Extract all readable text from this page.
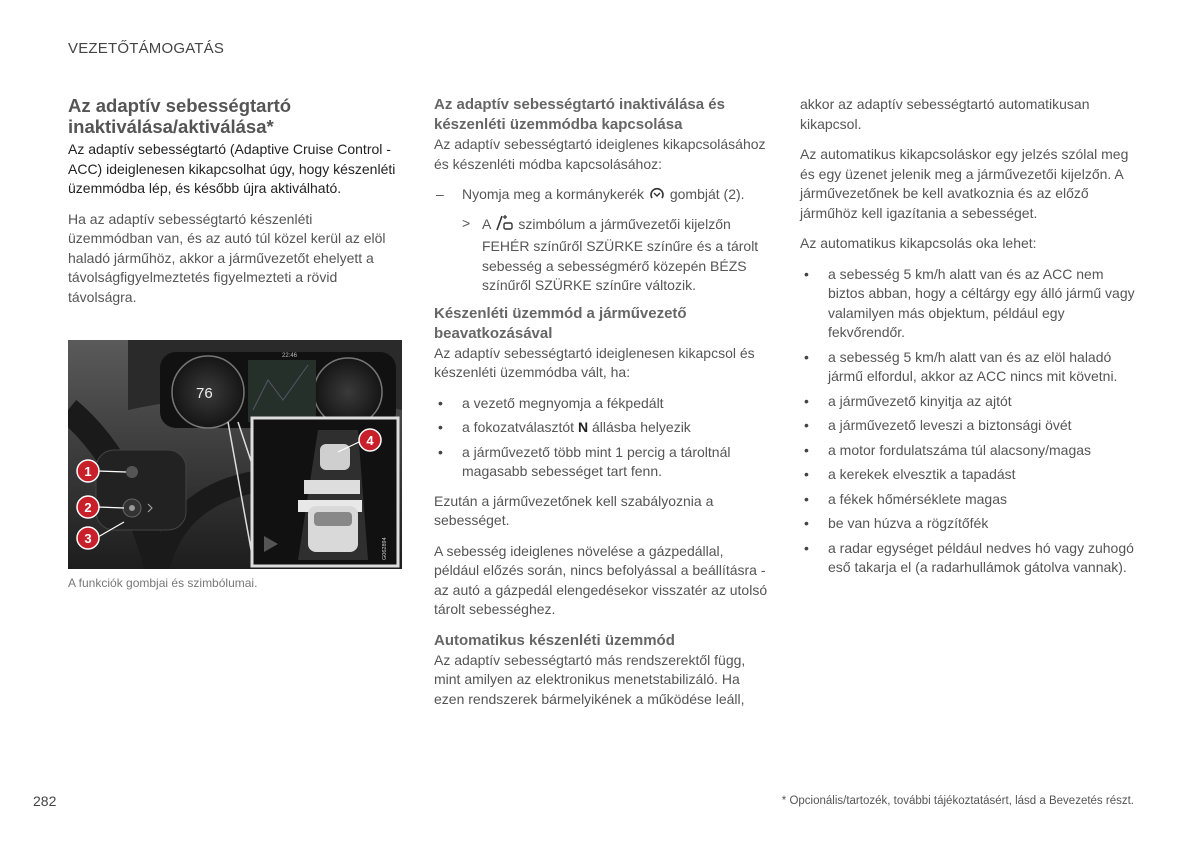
VEZETŐTÁMOGATÁS
Az adaptív sebességtartó inaktiválása/aktiválása*

Az adaptív sebességtartó (Adaptive Cruise Control - ACC) ideiglenesen kikapcsolhat úgy, hogy készenléti üzemmódba lép, és később újra aktiválható.

Ha az adaptív sebességtartó készenléti üzemmódban van, és az autó túl közel kerül az elöl haladó járműhöz, akkor a járművezetőt ehelyett a távolságfigyelmeztetés figyelmezteti a rövid távolságra.

22:46
76
G062894
1
2
3
4
A funkciók gombjai és szimbólumai.
Az adaptív sebességtartó inaktiválása és készenléti üzemmódba kapcsolása

Az adaptív sebességtartó ideiglenes kikapcsolásához és készenléti módba kapcsolásához:

– Nyomja meg a kormánykerék gombját (2).
> A szimbólum a járművezetői kijelzőn FEHÉR színűről SZÜRKE színűre és a tárolt sebesség a sebességmérő közepén BÉZS színűről SZÜRKE színűre változik.
Készenléti üzemmód a járművezető beavatkozásával

Az adaptív sebességtartó ideiglenesen kikapcsol és készenléti üzemmódba vált, ha:

• a vezető megnyomja a fékpedált
• a fokozatválasztót N állásba helyezik
• a járművezető több mint 1 percig a tároltnál magasabb sebességet tart fenn.

Ezután a járművezetőnek kell szabályoznia a sebességet.

A sebesség ideiglenes növelése a gázpedállal, például előzés során, nincs befolyással a beállításra - az autó a gázpedál elengedésekor visszatér az utolsó tárolt sebességhez.

Automatikus készenléti üzemmód

Az adaptív sebességtartó más rendszerektől függ, mint amilyen az elektronikus menetstabilizáló. Ha ezen rendszerek bármelyikének a működése leáll,

akkor az adaptív sebességtartó automatikusan kikapcsol.

Az automatikus kikapcsoláskor egy jelzés szólal meg és egy üzenet jelenik meg a járművezetői kijelzőn. A járművezetőnek be kell avatkoznia és az előző járműhöz kell igazítania a sebességet.

Az automatikus kikapcsolás oka lehet:

• a sebesség 5 km/h alatt van és az ACC nem biztos abban, hogy a céltárgy egy álló jármű vagy valamilyen más objektum, például egy fekvőrendőr.
• a sebesség 5 km/h alatt van és az elöl haladó jármű elfordul, akkor az ACC nincs mit követni.
• a járművezető kinyitja az ajtót
• a járművezető leveszi a biztonsági övét
• a motor fordulatszáma túl alacsony/magas
• a kerekek elvesztik a tapadást
• a fékek hőmérséklete magas
• be van húzva a rögzítőfék
• a radar egységet például nedves hó vagy zuhogó eső takarja el (a radarhullámok gátolva vannak).
282	* Opcionális/tartozék, további tájékoztatásért, lásd a Bevezetés részt.
